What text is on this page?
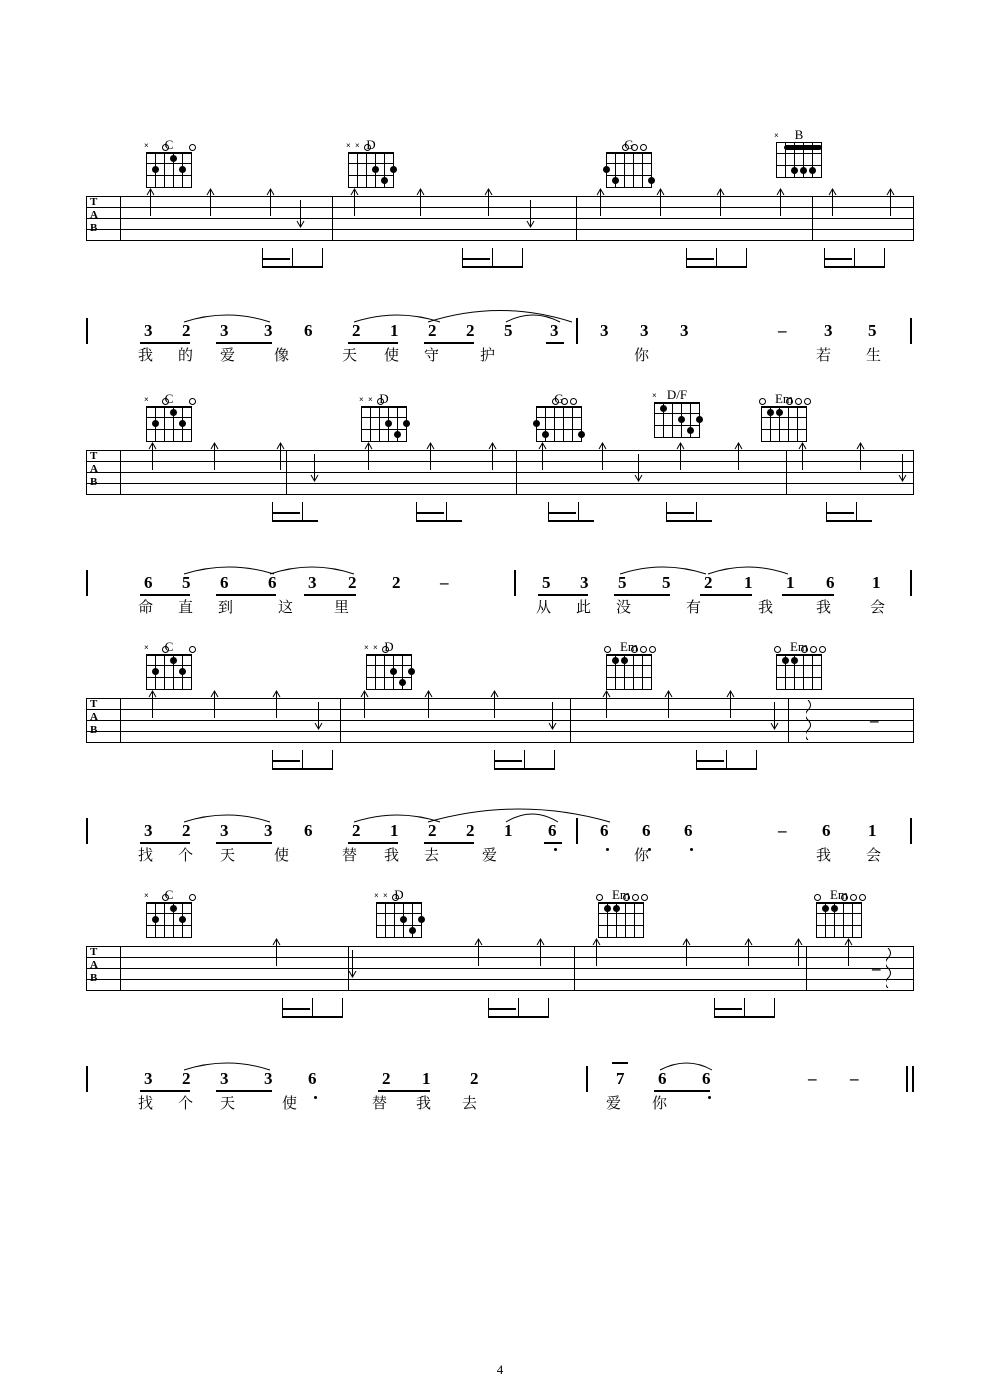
C
×	D
× ×	G
B
×
T
A
B
3 2 3 3 6 2 1 2 2 5 3 3 3 3	– 3 5
我 的 爱	像	天 使 守	护	你	若 生
C
×	D
× ×	G	D/F
×	Em
T
A
B
6 5 6 6 3 2 2 –	5 3 5 5 2 1 1 6 1
命 直 到	这	里	从 此 没	有	我	我	会
C
×	D
× ×	Em	Em
T
A
B	–
3 2 3 3 6 2 1 2 2 1 6	6 6 6	– 6 1
找 个 天	使	替 我 去	爱	你	我 会
C
×	D
× ×	Em	Em
T
A
B	–
3 2 3 3 6	2 1 2	7 6 6	– –
找 个 天	使	替 我 去	爱 你
4
